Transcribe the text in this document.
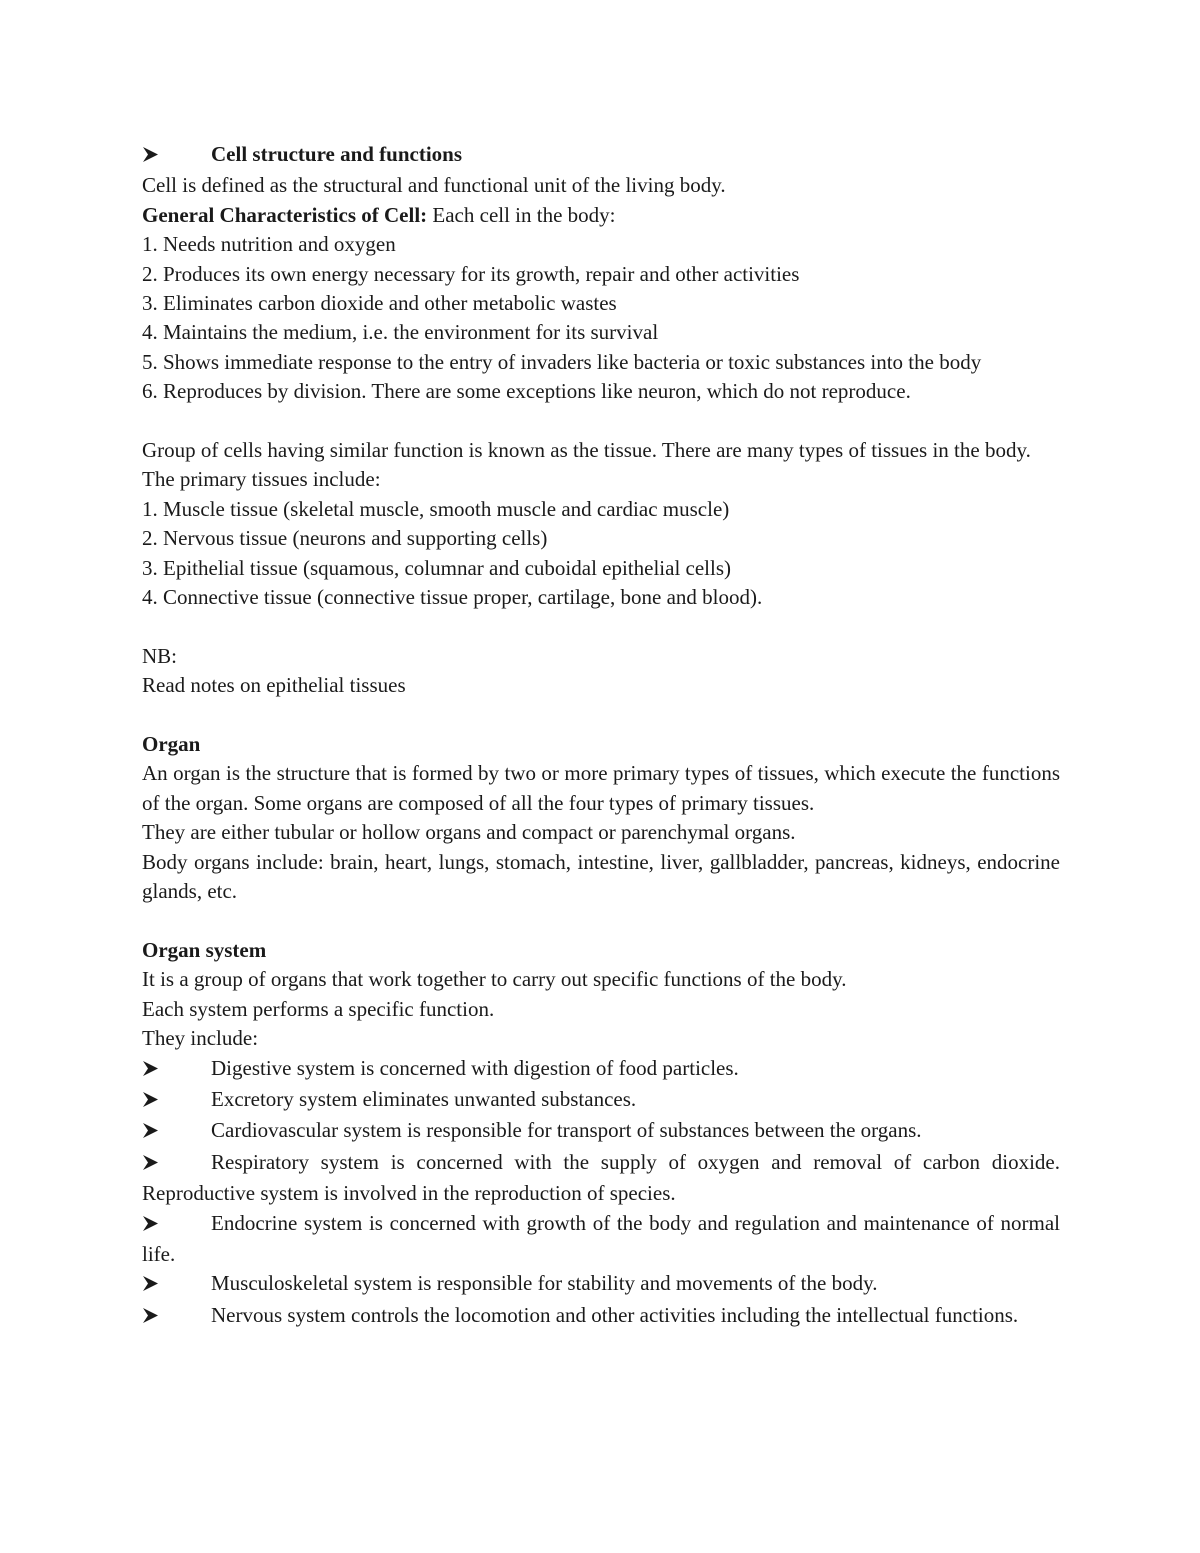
Cell structure and functions

Cell is defined as the structural and functional unit of the living body.

General Characteristics of Cell: Each cell in the body:

1. Needs nutrition and oxygen

2. Produces its own energy necessary for its growth, repair and other activities

3. Eliminates carbon dioxide and other metabolic wastes

4. Maintains the medium, i.e. the environment for its survival

5. Shows immediate response to the entry of invaders like bacteria or toxic substances into the body

6. Reproduces by division. There are some exceptions like neuron, which do not reproduce.

Group of cells having similar function is known as the tissue. There are many types of tissues in the body.

The primary tissues include:

1. Muscle tissue (skeletal muscle, smooth muscle and cardiac muscle)

2. Nervous tissue (neurons and supporting cells)

3. Epithelial tissue (squamous, columnar and cuboidal epithelial cells)

4. Connective tissue (connective tissue proper, cartilage, bone and blood).

NB:

Read notes on epithelial tissues

Organ

An organ is the structure that is formed by two or more primary types of tissues, which execute the functions of the organ. Some organs are composed of all the four types of primary tissues.

They are either tubular or hollow organs and compact or parenchymal organs.

Body organs include: brain, heart, lungs, stomach, intestine, liver, gallbladder, pancreas, kidneys, endocrine glands, etc.

Organ system

It is a group of organs that work together to carry out specific functions of the body.

Each system performs a specific function.

They include:

Digestive system is concerned with digestion of food particles.
Excretory system eliminates unwanted substances.
Cardiovascular system is responsible for transport of substances between the organs.
Respiratory system is concerned with the supply of oxygen and removal of carbon dioxide. Reproductive system is involved in the reproduction of species.
Endocrine system is concerned with growth of the body and regulation and maintenance of normal life.
Musculoskeletal system is responsible for stability and movements of the body.
Nervous system controls the locomotion and other activities including the intellectual functions.
